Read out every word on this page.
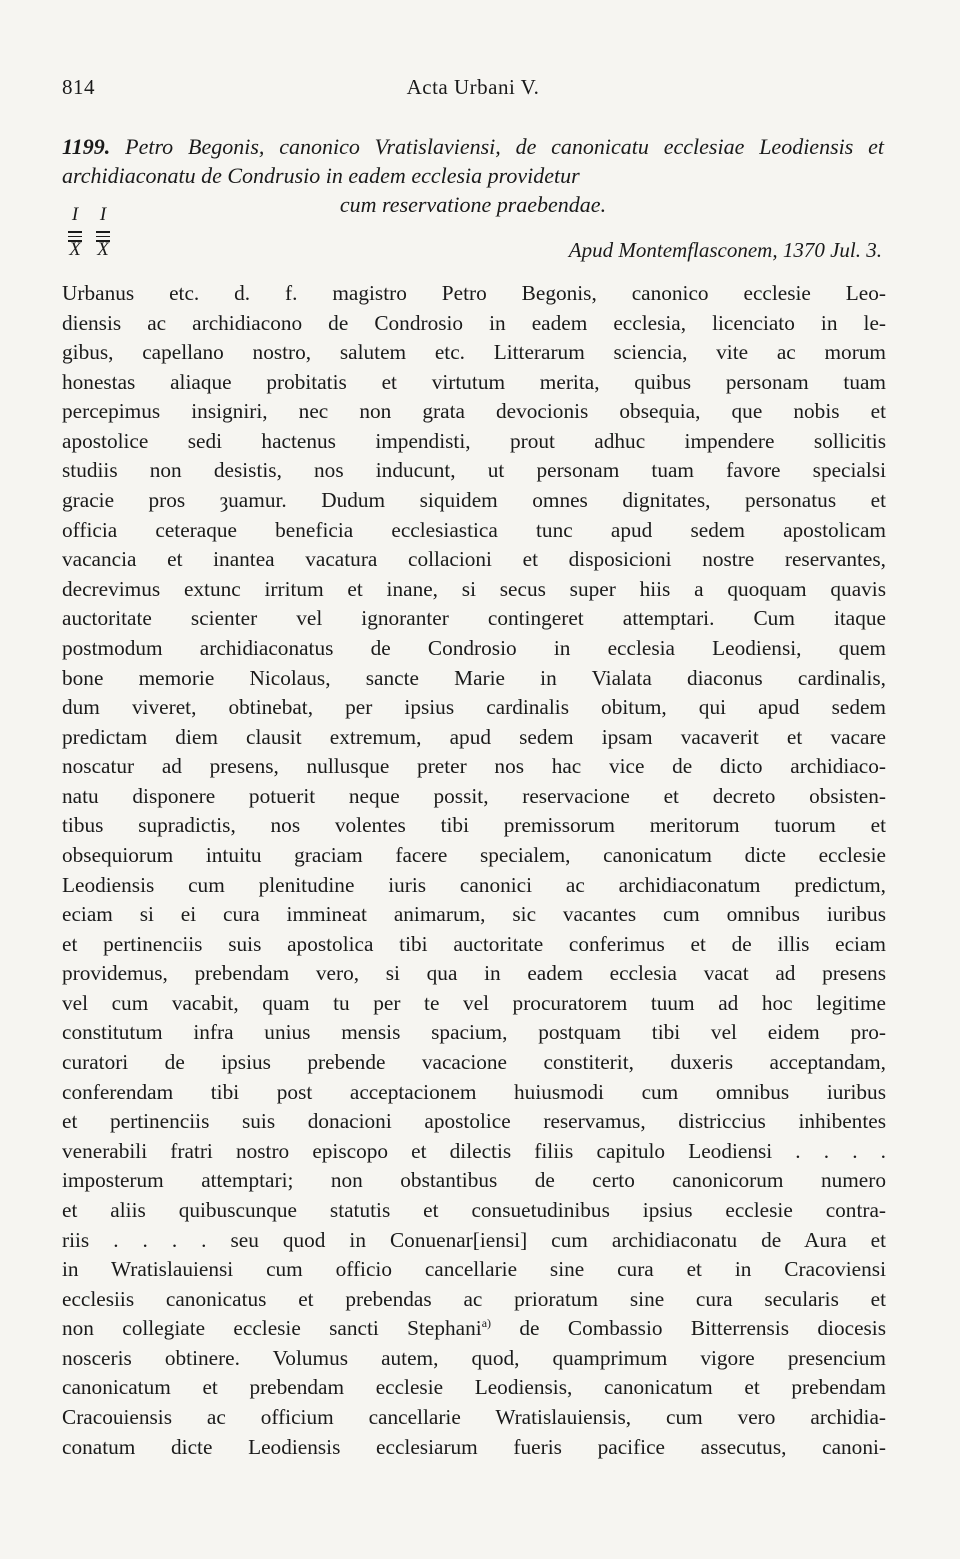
814	Acta Urbani V.
1199. Petro Begonis, canonico Vratislaviensi, de canonicatu ecclesiae Leodiensis et archidiaconatu de Condrusio in eadem ecclesia providetur
cum reservatione praebendae.
I
X
I
X	Apud Montemflasconem, 1370 Jul. 3.
Urbanus etc. d. f. magistro Petro Begonis, canonico ecclesie Leo-
diensis ac archidiacono de Condrosio in eadem ecclesia, licenciato in le-
gibus, capellano nostro, salutem etc. Litterarum sciencia, vite ac morum
honestas aliaque probitatis et virtutum merita, quibus personam tuam
percepimus insigniri, nec non grata devocionis obsequia, que nobis et
apostolice sedi hactenus impendisti, prout adhuc impendere sollicitis
studiis non desistis, nos inducunt, ut personam tuam favore specialsi
gracie pros ȝuamur. Dudum siquidem omnes dignitates, personatus et
officia ceteraque beneficia ecclesiastica tunc apud sedem apostolicam
vacancia et inantea vacatura collacioni et disposicioni nostre reservantes,
decrevimus extunc irritum et inane, si secus super hiis a quoquam quavis
auctoritate scienter vel ignoranter contingeret attemptari. Cum itaque
postmodum archidiaconatus de Condrosio in ecclesia Leodiensi, quem
bone memorie Nicolaus, sancte Marie in Vialata diaconus cardinalis,
dum viveret, obtinebat, per ipsius cardinalis obitum, qui apud sedem
predictam diem clausit extremum, apud sedem ipsam vacaverit et vacare
noscatur ad presens, nullusque preter nos hac vice de dicto archidiaco-
natu disponere potuerit neque possit, reservacione et decreto obsisten-
tibus supradictis, nos volentes tibi premissorum meritorum tuorum et
obsequiorum intuitu graciam facere specialem, canonicatum dicte ecclesie
Leodiensis cum plenitudine iuris canonici ac archidiaconatum predictum,
eciam si ei cura immineat animarum, sic vacantes cum omnibus iuribus
et pertinenciis suis apostolica tibi auctoritate conferimus et de illis eciam
providemus, prebendam vero, si qua in eadem ecclesia vacat ad presens
vel cum vacabit, quam tu per te vel procuratorem tuum ad hoc legitime
constitutum infra unius mensis spacium, postquam tibi vel eidem pro-
curatori de ipsius prebende vacacione constiterit, duxeris acceptandam,
conferendam tibi post acceptacionem huiusmodi cum omnibus iuribus
et pertinenciis suis donacioni apostolice reservamus, districcius inhibentes
venerabili fratri nostro episcopo et dilectis filiis capitulo Leodiensi . . . .
imposterum attemptari; non obstantibus de certo canonicorum numero
et aliis quibuscunque statutis et consuetudinibus ipsius ecclesie contra-
riis . . . . seu quod in Conuenar[iensi] cum archidiaconatu de Aura et
in Wratislauiensi cum officio cancellarie sine cura et in Cracoviensi
ecclesiis canonicatus et prebendas ac prioratum sine cura secularis et
non collegiate ecclesie sancti Stephani$^{a)}$ de Combassio Bitterrensis diocesis
nosceris obtinere. Volumus autem, quod, quamprimum vigore presencium
canonicatum et prebendam ecclesie Leodiensis, canonicatum et prebendam
Cracouiensis ac officium cancellarie Wratislauiensis, cum vero archidia-
conatum dicte Leodiensis ecclesiarum fueris pacifice assecutus, canoni-
